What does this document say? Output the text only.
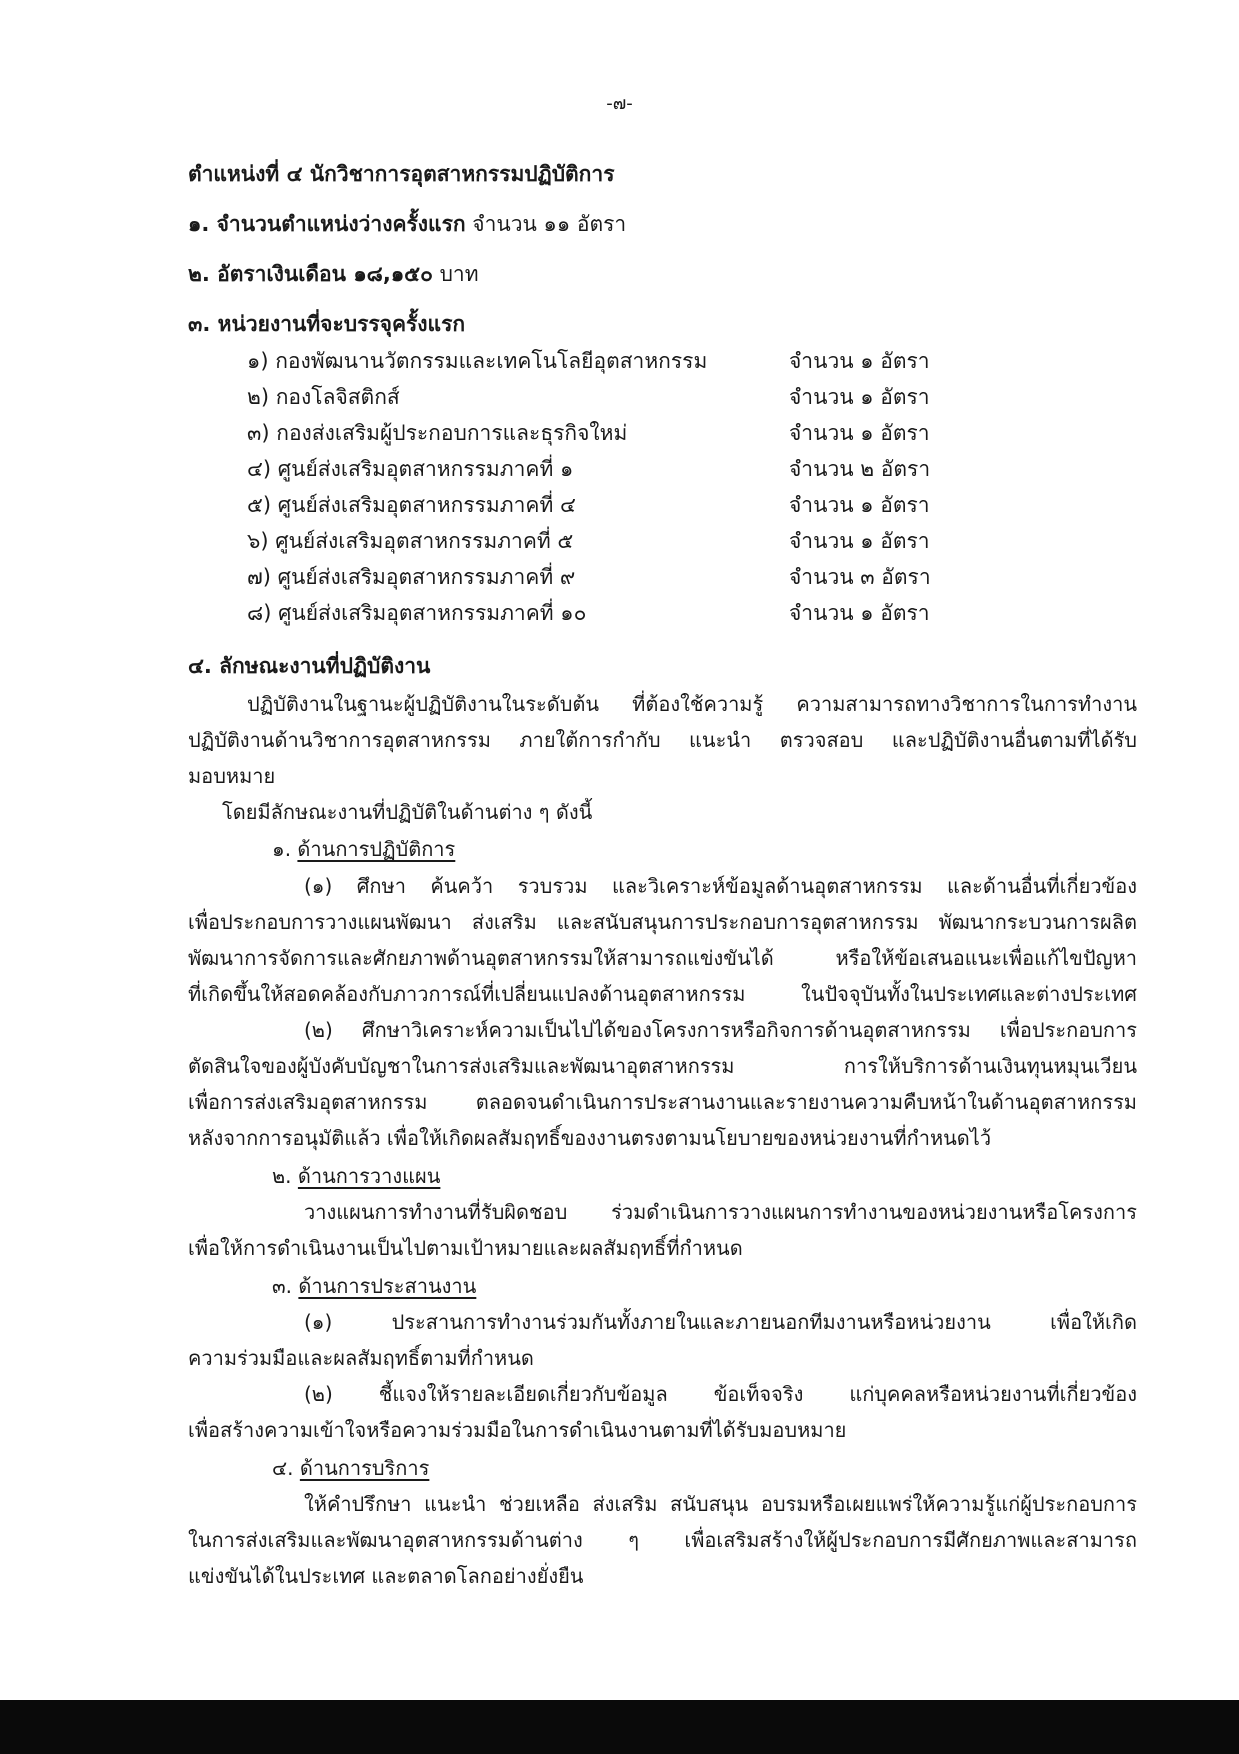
-๗-
ตำแหน่งที่ ๔ นักวิชาการอุตสาหกรรมปฏิบัติการ
๑. จำนวนตำแหน่งว่างครั้งแรก จำนวน ๑๑ อัตรา
๒. อัตราเงินเดือน ๑๘,๑๕๐ บาท
๓. หน่วยงานที่จะบรรจุครั้งแรก
๑) กองพัฒนานวัตกรรมและเทคโนโลยีอุตสาหกรรม	จำนวน ๑ อัตรา
๒) กองโลจิสติกส์	จำนวน ๑ อัตรา
๓) กองส่งเสริมผู้ประกอบการและธุรกิจใหม่	จำนวน ๑ อัตรา
๔) ศูนย์ส่งเสริมอุตสาหกรรมภาคที่ ๑	จำนวน ๒ อัตรา
๕) ศูนย์ส่งเสริมอุตสาหกรรมภาคที่ ๔	จำนวน ๑ อัตรา
๖) ศูนย์ส่งเสริมอุตสาหกรรมภาคที่ ๕	จำนวน ๑ อัตรา
๗) ศูนย์ส่งเสริมอุตสาหกรรมภาคที่ ๙	จำนวน ๓ อัตรา
๘) ศูนย์ส่งเสริมอุตสาหกรรมภาคที่ ๑๐	จำนวน ๑ อัตรา
๔. ลักษณะงานที่ปฏิบัติงาน
ปฏิบัติงานในฐานะผู้ปฏิบัติงานในระดับต้น ที่ต้องใช้ความรู้ ความสามารถทางวิชาการในการทำงาน
ปฏิบัติงานด้านวิชาการอุตสาหกรรม ภายใต้การกำกับ แนะนำ ตรวจสอบ และปฏิบัติงานอื่นตามที่ได้รับ
มอบหมาย
โดยมีลักษณะงานที่ปฏิบัติในด้านต่าง ๆ ดังนี้
๑. ด้านการปฏิบัติการ
(๑) ศึกษา ค้นคว้า รวบรวม และวิเคราะห์ข้อมูลด้านอุตสาหกรรม และด้านอื่นที่เกี่ยวข้อง
เพื่อประกอบการวางแผนพัฒนา ส่งเสริม และสนับสนุนการประกอบการอุตสาหกรรม พัฒนากระบวนการผลิต
พัฒนาการจัดการและศักยภาพด้านอุตสาหกรรมให้สามารถแข่งขันได้ หรือให้ข้อเสนอแนะเพื่อแก้ไขปัญหา
ที่เกิดขึ้นให้สอดคล้องกับภาวการณ์ที่เปลี่ยนแปลงด้านอุตสาหกรรม ในปัจจุบันทั้งในประเทศและต่างประเทศ
(๒) ศึกษาวิเคราะห์ความเป็นไปได้ของโครงการหรือกิจการด้านอุตสาหกรรม เพื่อประกอบการ
ตัดสินใจของผู้บังคับบัญชาในการส่งเสริมและพัฒนาอุตสาหกรรม การให้บริการด้านเงินทุนหมุนเวียน
เพื่อการส่งเสริมอุตสาหกรรม ตลอดจนดำเนินการประสานงานและรายงานความคืบหน้าในด้านอุตสาหกรรม
หลังจากการอนุมัติแล้ว เพื่อให้เกิดผลสัมฤทธิ์ของงานตรงตามนโยบายของหน่วยงานที่กำหนดไว้
๒. ด้านการวางแผน
วางแผนการทำงานที่รับผิดชอบ ร่วมดำเนินการวางแผนการทำงานของหน่วยงานหรือโครงการ
เพื่อให้การดำเนินงานเป็นไปตามเป้าหมายและผลสัมฤทธิ์ที่กำหนด
๓. ด้านการประสานงาน
(๑) ประสานการทำงานร่วมกันทั้งภายในและภายนอกทีมงานหรือหน่วยงาน เพื่อให้เกิด
ความร่วมมือและผลสัมฤทธิ์ตามที่กำหนด
(๒) ชี้แจงให้รายละเอียดเกี่ยวกับข้อมูล ข้อเท็จจริง แก่บุคคลหรือหน่วยงานที่เกี่ยวข้อง
เพื่อสร้างความเข้าใจหรือความร่วมมือในการดำเนินงานตามที่ได้รับมอบหมาย
๔. ด้านการบริการ
ให้คำปรึกษา แนะนำ ช่วยเหลือ ส่งเสริม สนับสนุน อบรมหรือเผยแพร่ให้ความรู้แก่ผู้ประกอบการ
ในการส่งเสริมและพัฒนาอุตสาหกรรมด้านต่าง ๆ เพื่อเสริมสร้างให้ผู้ประกอบการมีศักยภาพและสามารถ
แข่งขันได้ในประเทศ และตลาดโลกอย่างยั่งยืน
